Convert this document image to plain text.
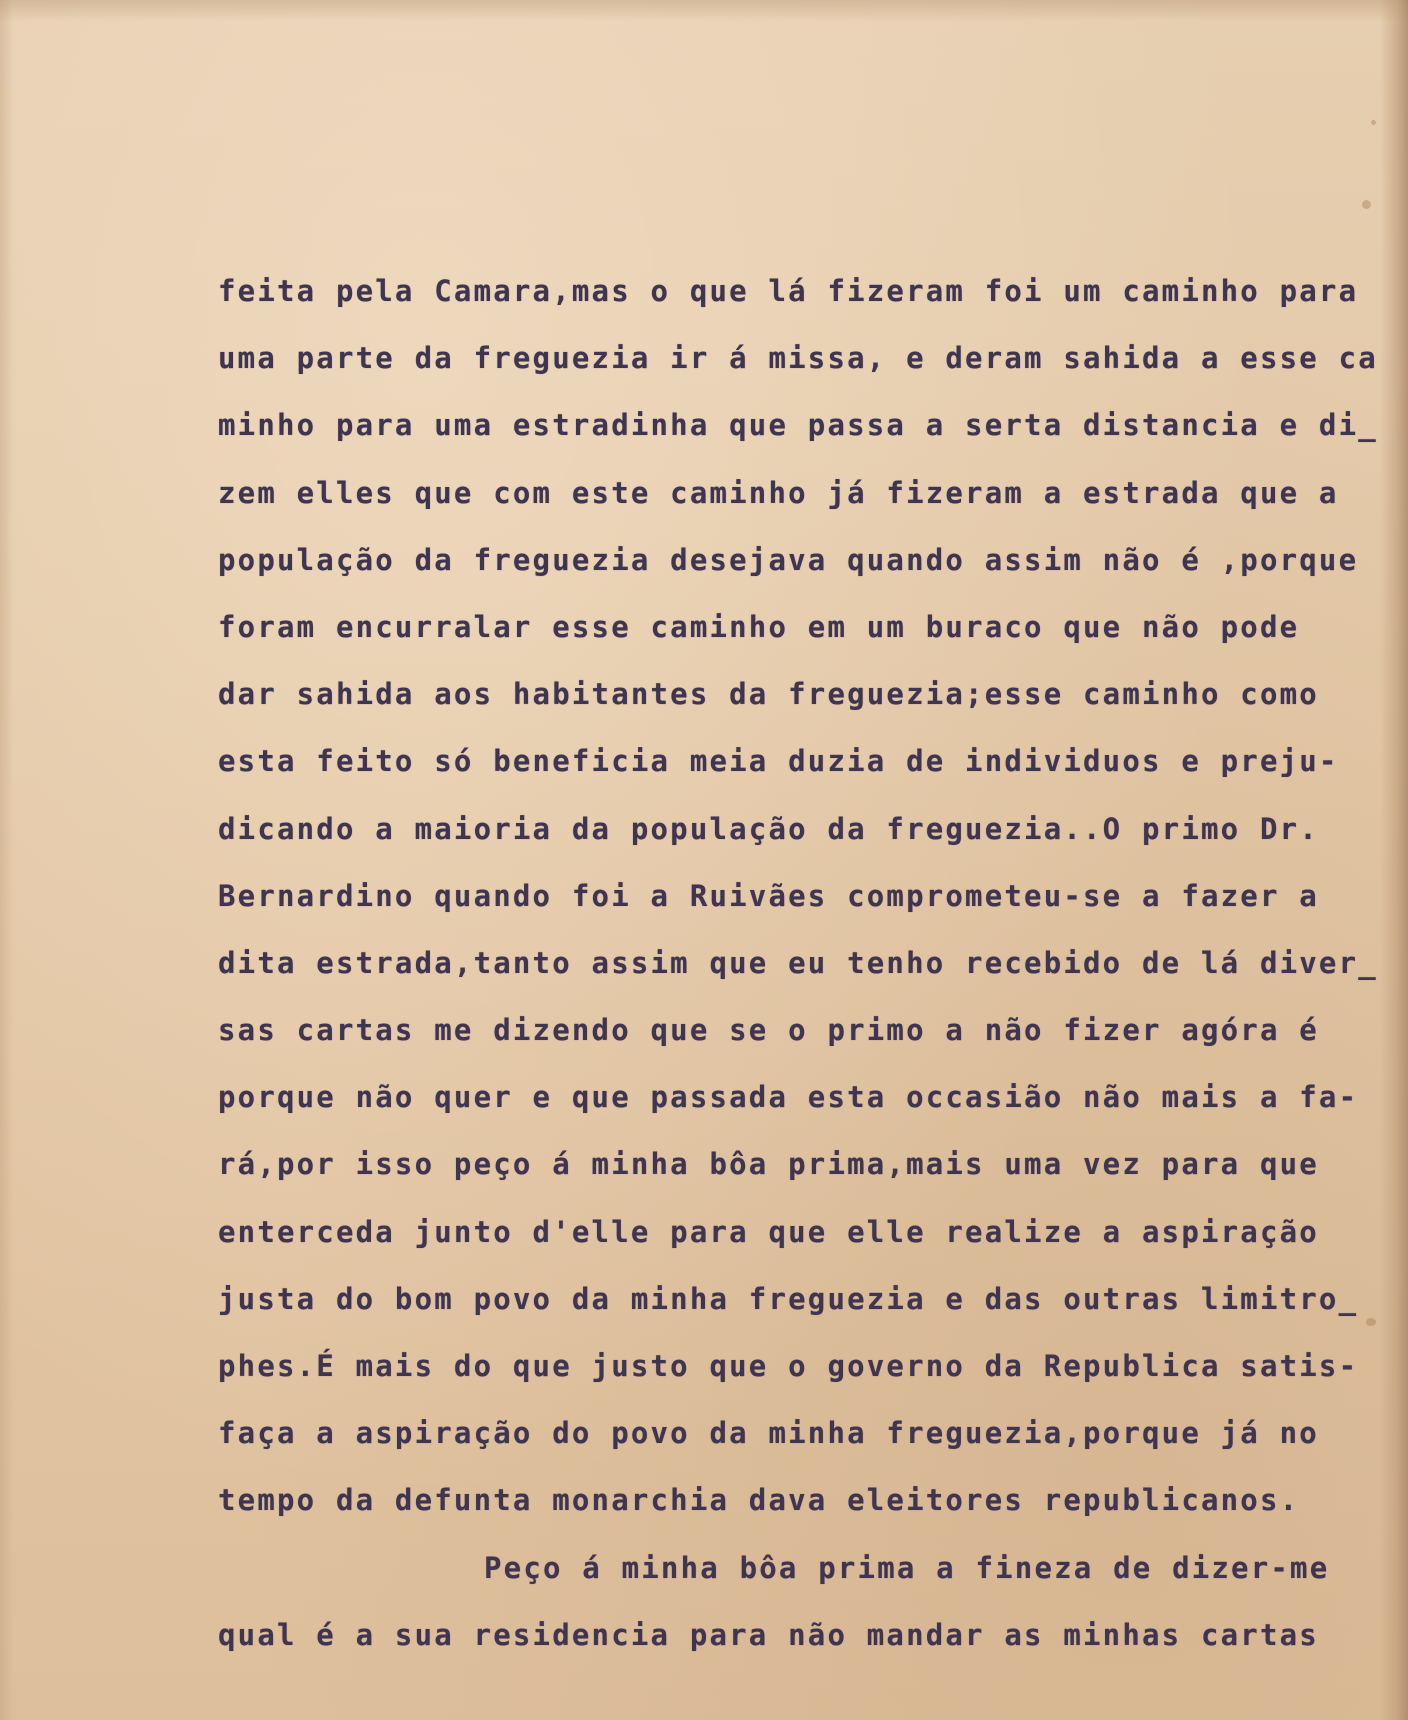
feita pela Camara,mas o que lá fizeram foi um caminho para
uma parte da freguezia ir á missa, e deram sahida a esse ca
minho para uma estradinha que passa a serta distancia e di_
zem elles que com este caminho já fizeram a estrada que a
população da freguezia desejava quando assim não é ,porque
foram encurralar esse caminho em um buraco que não pode
dar sahida aos habitantes da freguezia;esse caminho como
esta feito só beneficia meia duzia de individuos e preju-
dicando a maioria da população da freguezia..O primo Dr.
Bernardino quando foi a Ruivães comprometeu-se a fazer a
dita estrada,tanto assim que eu tenho recebido de lá diver_
sas cartas me dizendo que se o primo a não fizer agóra é
porque não quer e que passada esta occasião não mais a fa-
rá,por isso peço á minha bôa prima,mais uma vez para que
enterceda junto d'elle para que elle realize a aspiração
justa do bom povo da minha freguezia e das outras limitro_
phes.É mais do que justo que o governo da Republica satis-
faça a aspiração do povo da minha freguezia,porque já no
tempo da defunta monarchia dava eleitores republicanos.
Peço á minha bôa prima a fineza de dizer-me
qual é a sua residencia para não mandar as minhas cartas
